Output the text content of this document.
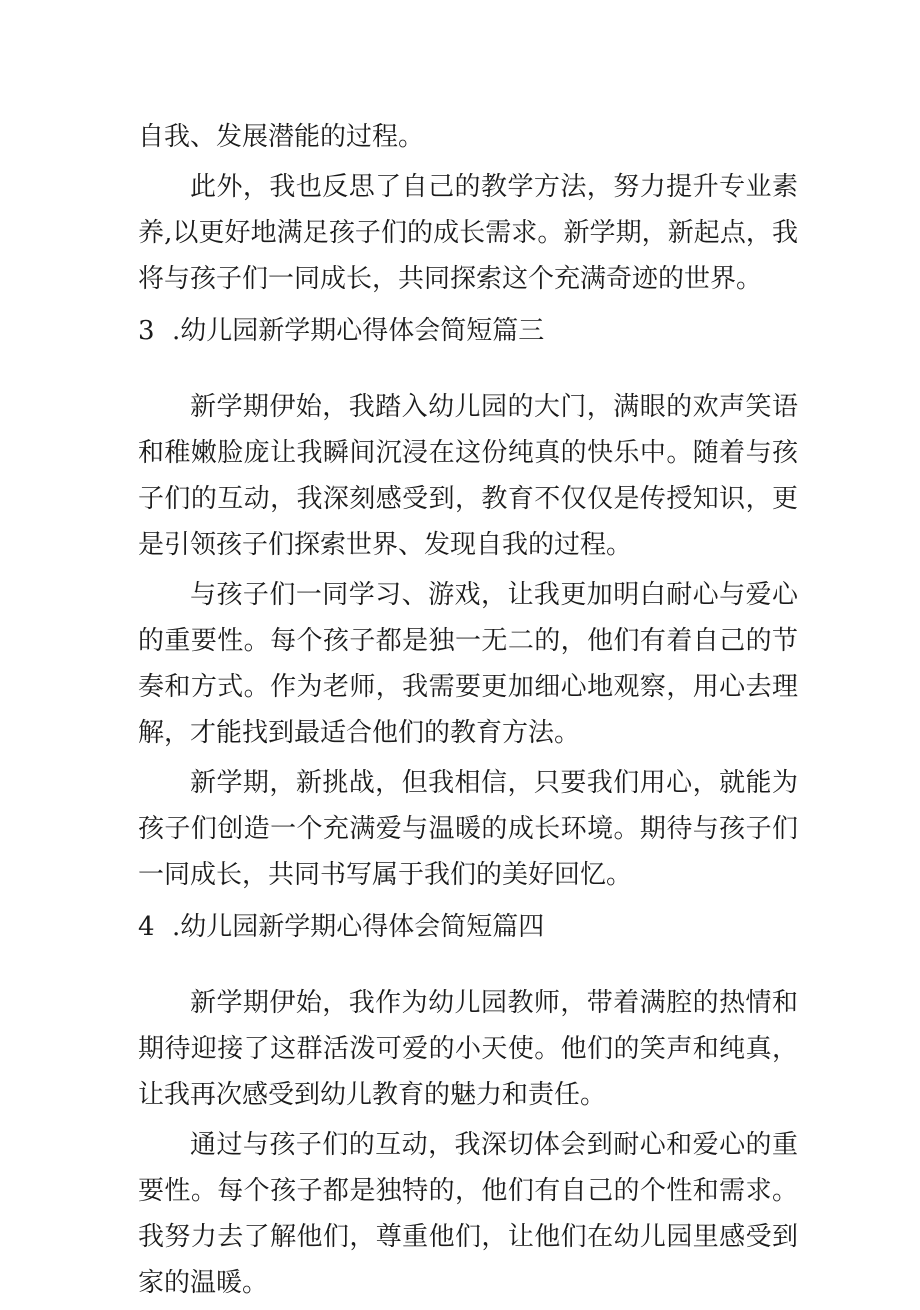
自我、发展潜能的过程。

此外，我也反思了自己的教学方法，努力提升专业素养,以更好地满足孩子们的成长需求。新学期，新起点，我将与孩子们一同成长，共同探索这个充满奇迹的世界。

3 .幼儿园新学期心得体会简短篇三

新学期伊始，我踏入幼儿园的大门，满眼的欢声笑语和稚嫩脸庞让我瞬间沉浸在这份纯真的快乐中。随着与孩子们的互动，我深刻感受到，教育不仅仅是传授知识，更是引领孩子们探索世界、发现自我的过程。

与孩子们一同学习、游戏，让我更加明白耐心与爱心的重要性。每个孩子都是独一无二的，他们有着自己的节奏和方式。作为老师，我需要更加细心地观察，用心去理解，才能找到最适合他们的教育方法。

新学期，新挑战，但我相信，只要我们用心，就能为孩子们创造一个充满爱与温暖的成长环境。期待与孩子们一同成长，共同书写属于我们的美好回忆。

4 .幼儿园新学期心得体会简短篇四

新学期伊始，我作为幼儿园教师，带着满腔的热情和期待迎接了这群活泼可爱的小天使。他们的笑声和纯真，让我再次感受到幼儿教育的魅力和责任。

通过与孩子们的互动，我深切体会到耐心和爱心的重要性。每个孩子都是独特的，他们有自己的个性和需求。我努力去了解他们，尊重他们，让他们在幼儿园里感受到家的温暖。
